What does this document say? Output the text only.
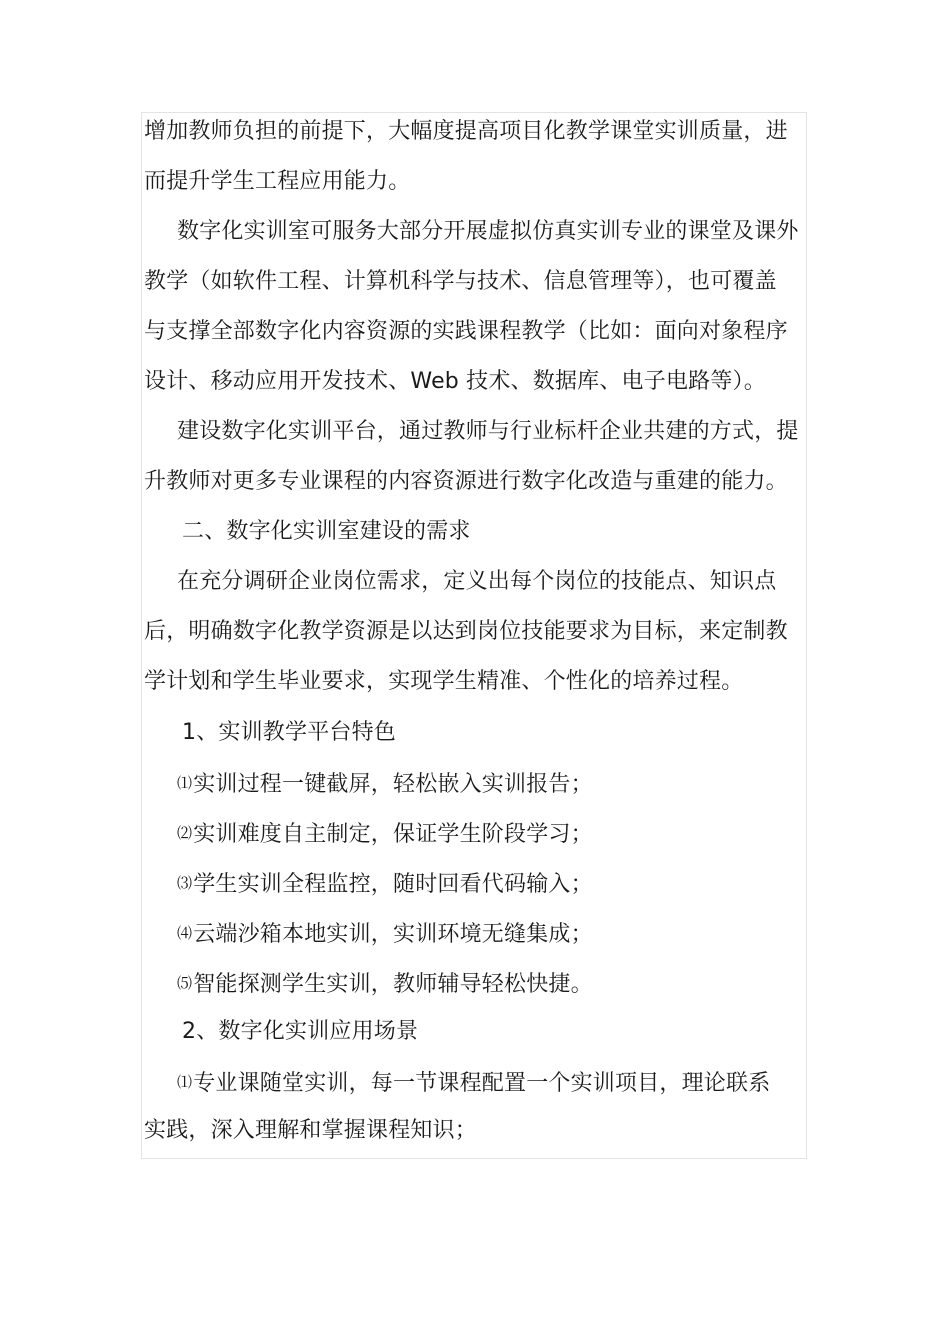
增加教师负担的前提下，大幅度提高项目化教学课堂实训质量，进
而提升学生工程应用能力。
数字化实训室可服务大部分开展虚拟仿真实训专业的课堂及课外
教学（如软件工程、计算机科学与技术、信息管理等），也可覆盖
与支撑全部数字化内容资源的实践课程教学（比如：面向对象程序
设计、移动应用开发技术、Web 技术、数据库、电子电路等）。
建设数字化实训平台，通过教师与行业标杆企业共建的方式，提
升教师对更多专业课程的内容资源进行数字化改造与重建的能力。
二、数字化实训室建设的需求
在充分调研企业岗位需求，定义出每个岗位的技能点、知识点
后，明确数字化教学资源是以达到岗位技能要求为目标，来定制教
学计划和学生毕业要求，实现学生精准、个性化的培养过程。
1、实训教学平台特色
⑴实训过程一键截屏，轻松嵌入实训报告；
⑵实训难度自主制定，保证学生阶段学习；
⑶学生实训全程监控，随时回看代码输入；
⑷云端沙箱本地实训，实训环境无缝集成；
⑸智能探测学生实训，教师辅导轻松快捷。
2、数字化实训应用场景
⑴专业课随堂实训，每一节课程配置一个实训项目，理论联系
实践，深入理解和掌握课程知识；
